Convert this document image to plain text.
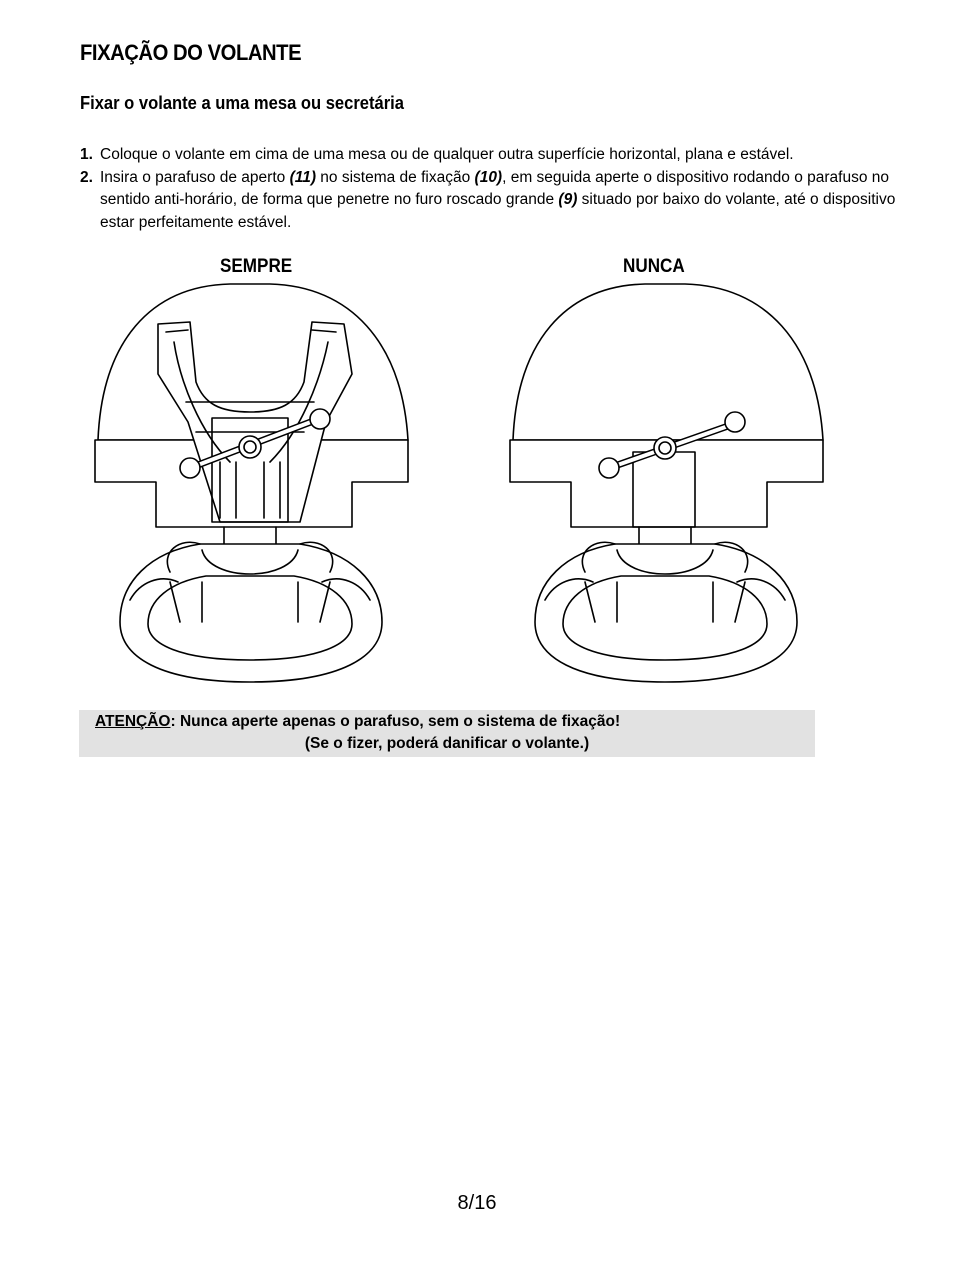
FIXAÇÃO DO VOLANTE
Fixar o volante a uma mesa ou secretária
1. Coloque o volante em cima de uma mesa ou de qualquer outra superfície horizontal, plana e estável.
2. Insira o parafuso de aperto (11) no sistema de fixação (10), em seguida aperte o dispositivo rodando o parafuso no sentido anti-horário, de forma que penetre no furo roscado grande (9) situado por baixo do volante, até o dispositivo estar perfeitamente estável.
SEMPRE	NUNCA
ATENÇÃO: Nunca aperte apenas o parafuso, sem o sistema de fixação!
(Se o fizer, poderá danificar o volante.)
8/16
